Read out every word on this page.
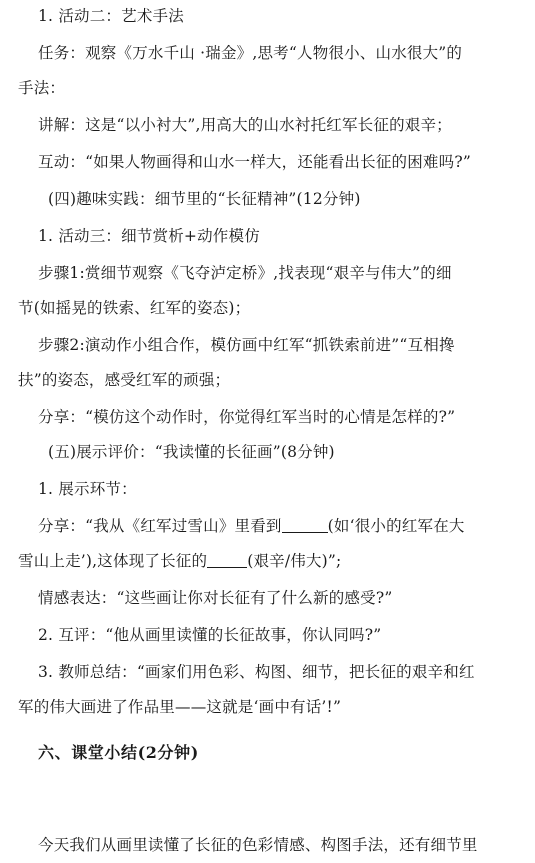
1. 活动二：艺术手法

任务：观察《万水千山 ·瑞金》,思考“人物很小、山水很大”的

手法：

讲解：这是“以小衬大”,用高大的山水衬托红军长征的艰辛；

互动：“如果人物画得和山水一样大，还能看出长征的困难吗?”

(四)趣味实践：细节里的“长征精神”(12分钟)

1. 活动三：细节赏析+动作模仿

步骤1:赏细节观察《飞夺泸定桥》,找表现“艰辛与伟大”的细

节(如摇晃的铁索、红军的姿态)；

步骤2:演动作小组合作，模仿画中红军“抓铁索前进”“互相搀

扶”的姿态，感受红军的顽强；

分享：“模仿这个动作时，你觉得红军当时的心情是怎样的?”

(五)展示评价：“我读懂的长征画”(8分钟)

1. 展示环节：

分享：“我从《红军过雪山》里看到	(如‘很小的红军在大

雪山上走’),这体现了长征的	(艰辛/伟大)”;

情感表达：“这些画让你对长征有了什么新的感受?”

2. 互评：“他从画里读懂的长征故事，你认同吗?”

3. 教师总结：“画家们用色彩、构图、细节，把长征的艰辛和红

军的伟大画进了作品里——这就是‘画中有话’!”

六、课堂小结(2分钟)

今天我们从画里读懂了长征的色彩情感、构图手法，还有细节里
